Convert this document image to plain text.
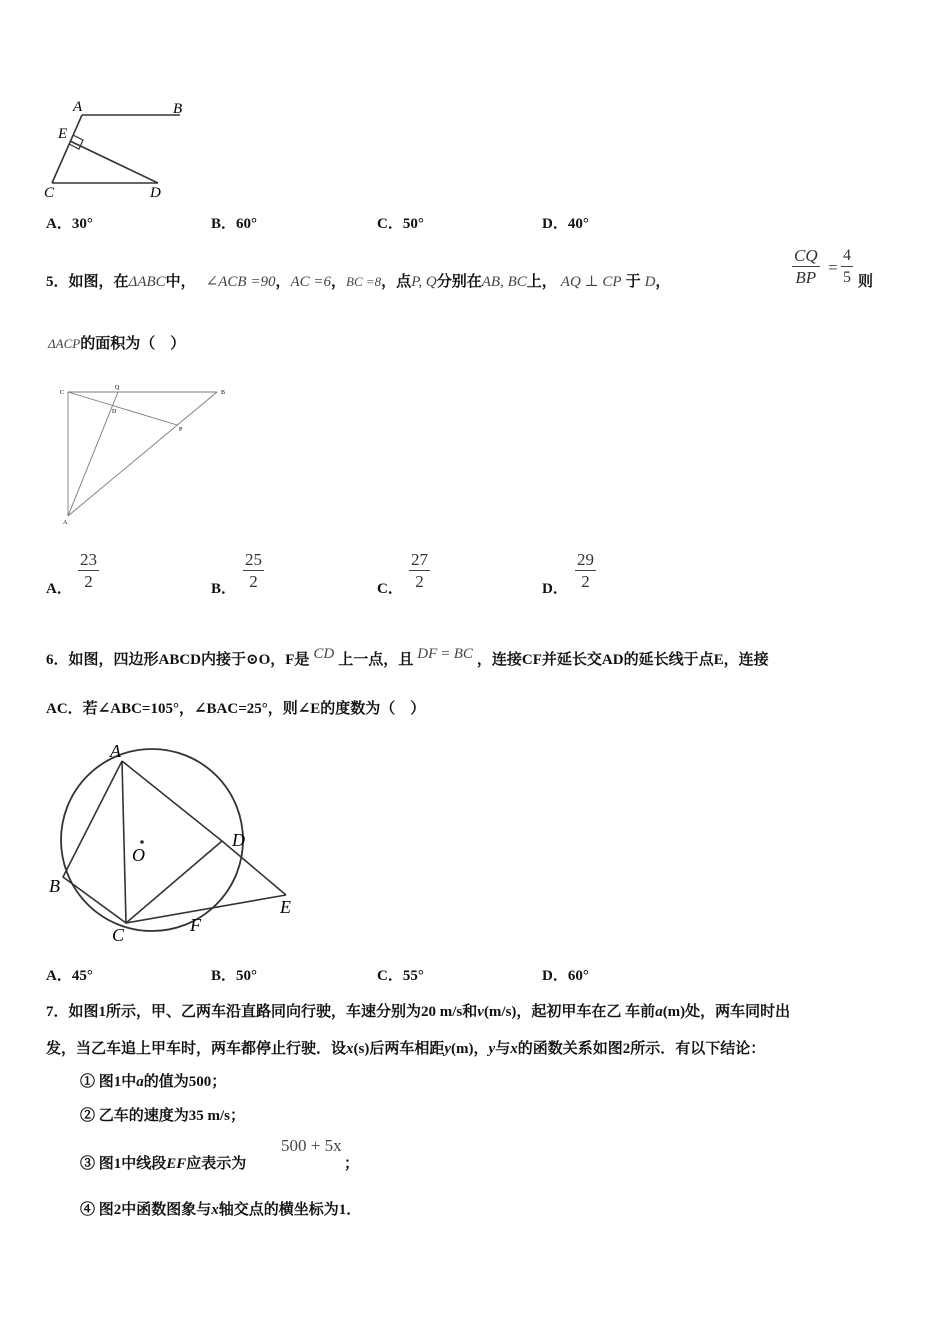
A	B
E
C	D
A．30°	B．60°	C．50°	D．40°
5．如图，在ΔABC中， ∠ACB =90，AC =6，BC =8，点P, Q分别在AB, BC上， AQ ⊥ CP 于 D，	$\frac{CQ}{BP} = \frac{4}{5}$ 则
ΔACP的面积为（　）
C
Q
B
D
P
A
A． $\frac{23}{2}$	B． $\frac{25}{2}$	C． $\frac{27}{2}$	D． $\frac{29}{2}$
6．如图，四边形ABCD内接于⊙O，F是 CD 上一点，且 DF = BC ，连接CF并延长交AD的延长线于点E，连接
AC．若∠ABC=105°，∠BAC=25°，则∠E的度数为（　）
A
D
O
B
E
C	F
A．45°	B．50°	C．55°	D．60°
7．如图1所示，甲、乙两车沿直路同向行驶，车速分别为20 m/s和v(m/s)，起初甲车在乙 车前a(m)处，两车同时出
发，当乙车追上甲车时，两车都停止行驶．设x(s)后两车相距y(m)，y与x的函数关系如图2所示．有以下结论：
① 图1中a的值为500；
② 乙车的速度为35 m/s；
③ 图1中线段EF应表示为
500 + 5x
；
④ 图2中函数图象与x轴交点的横坐标为1．
